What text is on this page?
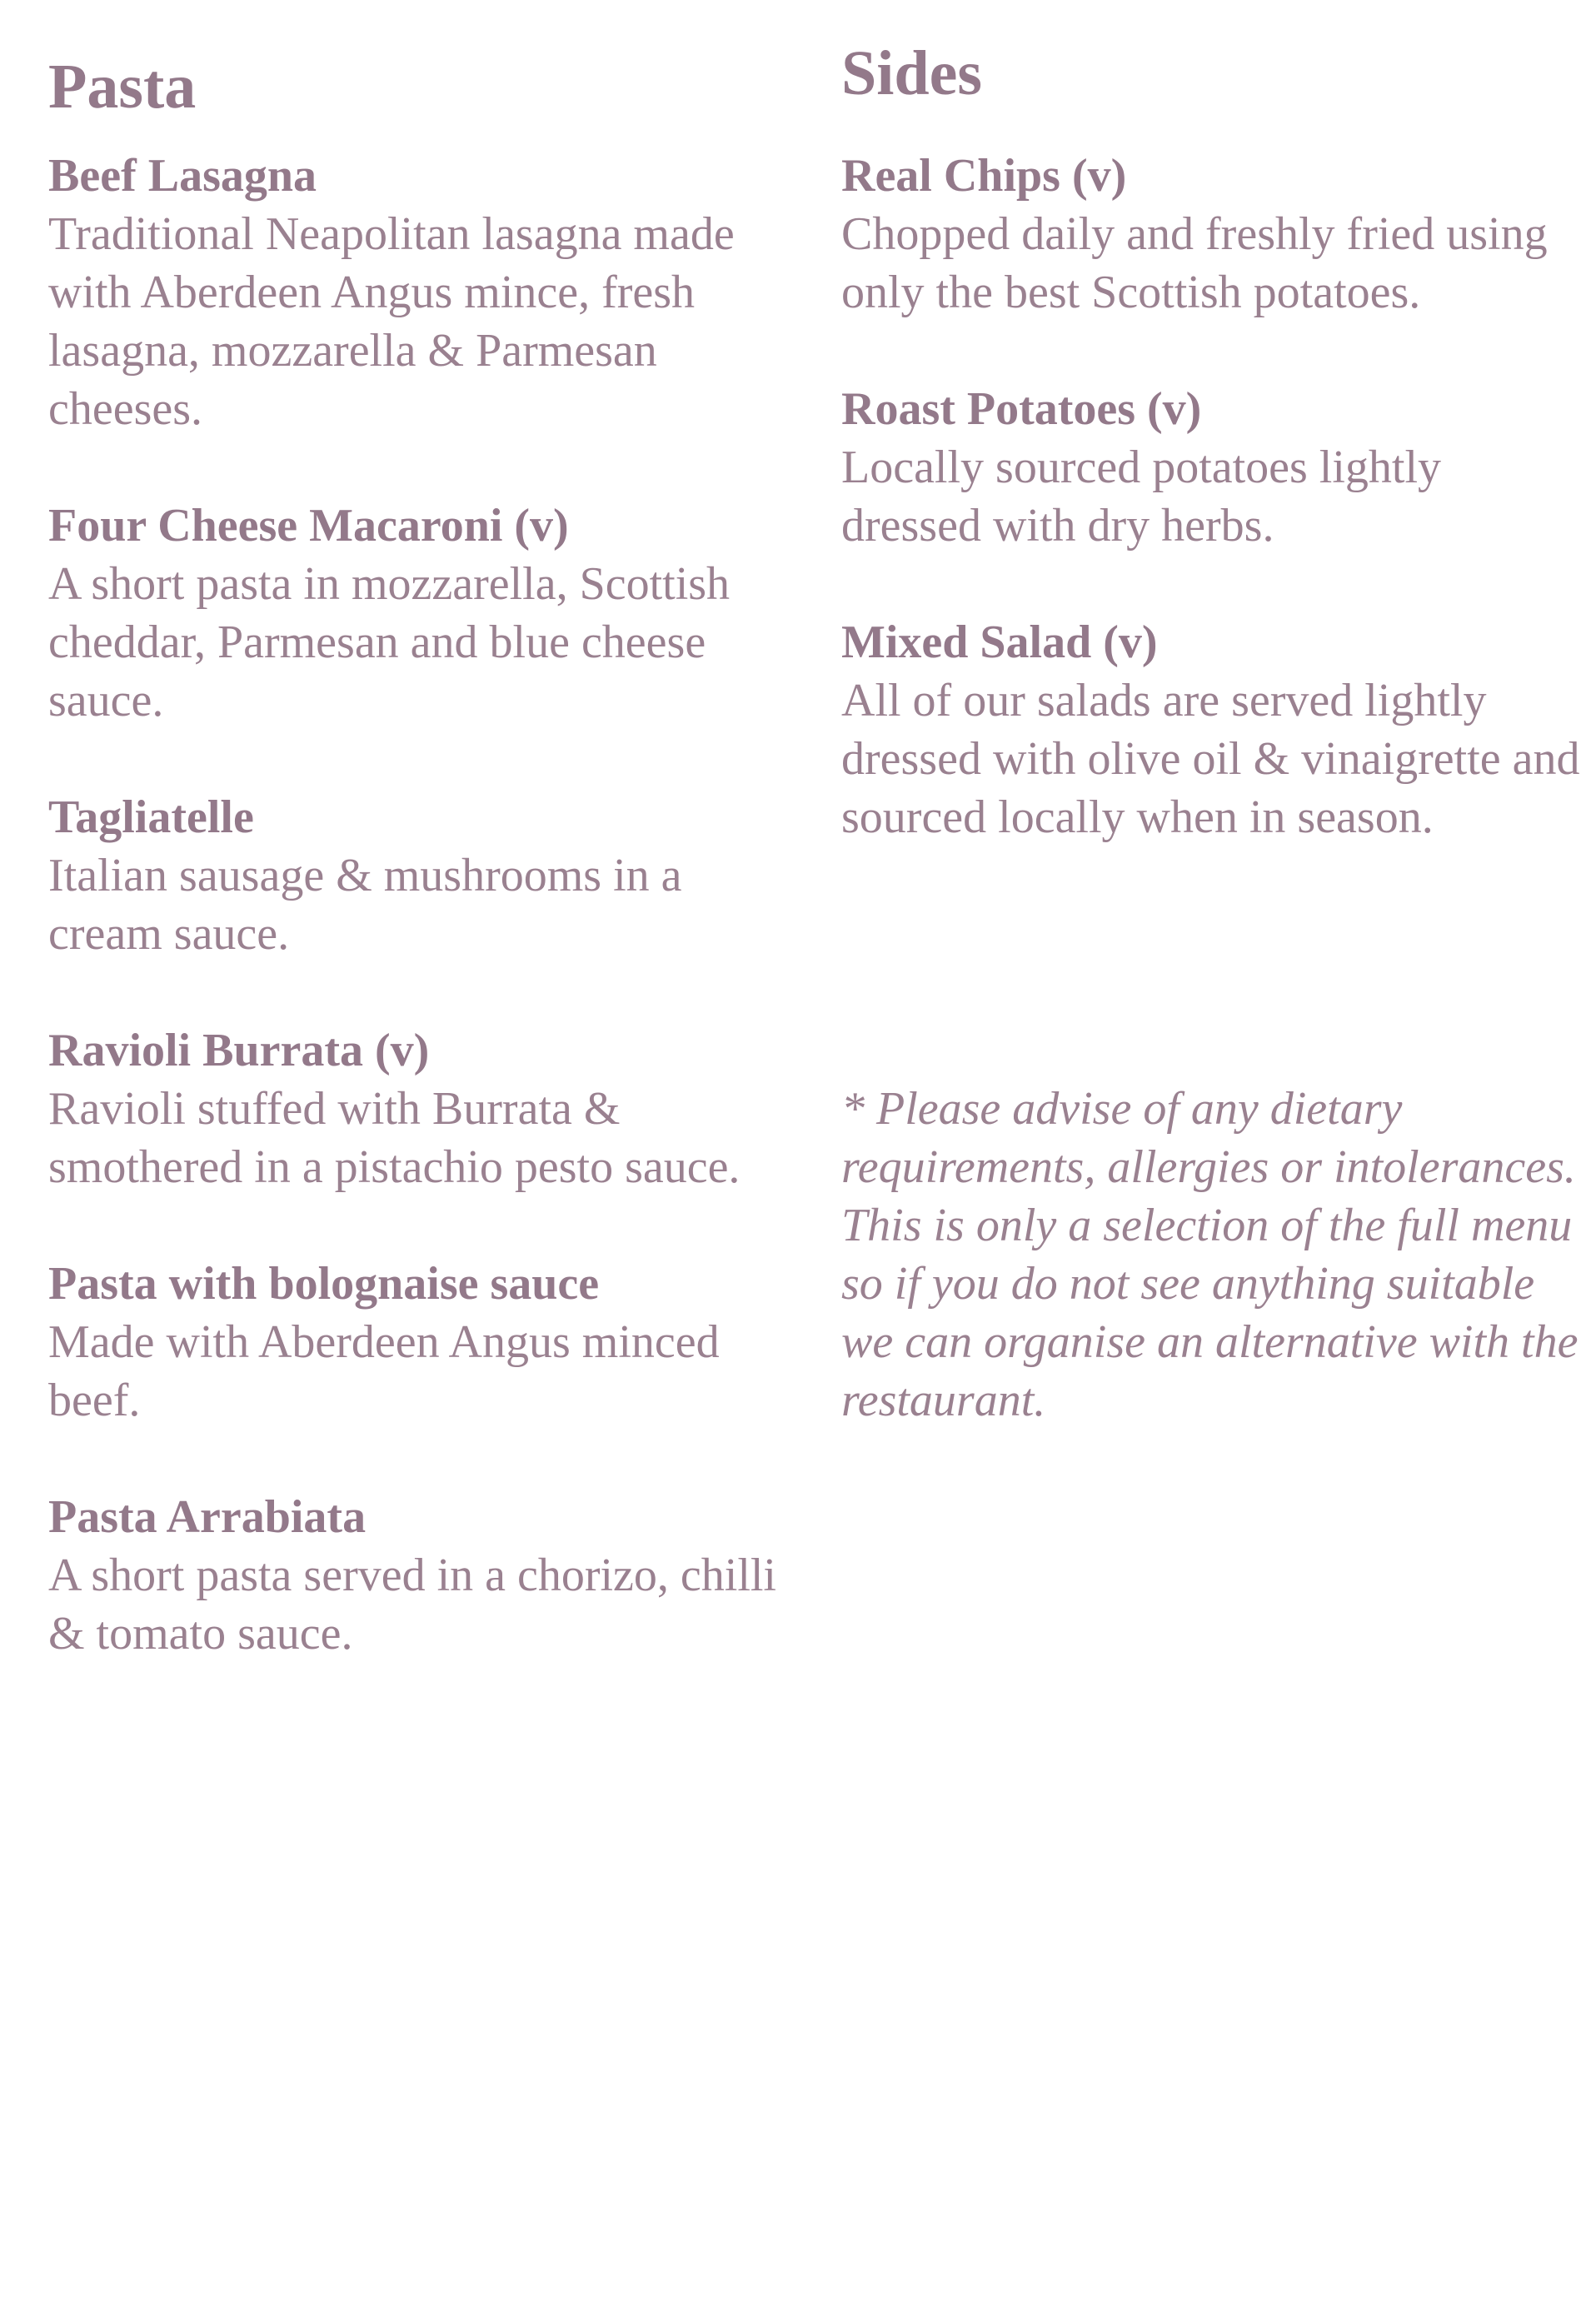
Pasta
Beef Lasagna
Traditional Neapolitan lasagna made with Aberdeen Angus mince, fresh lasagna, mozzarella & Parmesan cheeses.
Four Cheese Macaroni (v)
A short pasta in mozzarella, Scottish cheddar, Parmesan and blue cheese sauce.
Tagliatelle
Italian sausage & mushrooms in a cream sauce.
Ravioli Burrata (v)
Ravioli stuffed with Burrata & smothered in a pistachio pesto sauce.
Pasta with bolognaise sauce
Made with Aberdeen Angus minced beef.
Pasta Arrabiata
A short pasta served in a chorizo, chilli & tomato sauce.
Sides
Real Chips (v)
Chopped daily and freshly fried using only the best Scottish potatoes.
Roast Potatoes (v)
Locally sourced potatoes lightly dressed with dry herbs.
Mixed Salad (v)
All of our salads are served lightly dressed with olive oil & vinaigrette and sourced locally when in season.

* Please advise of any dietary requirements, allergies or intolerances. This is only a selection of the full menu so if you do not see anything suitable we can organise an alternative with the restaurant.
